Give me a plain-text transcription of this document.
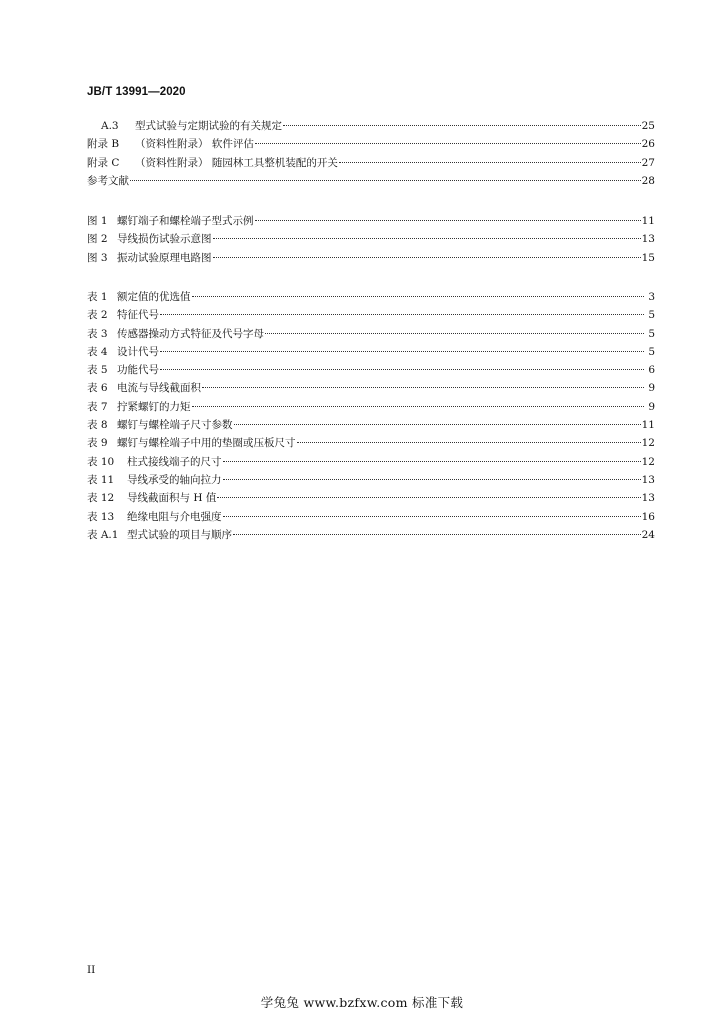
JB/T 13991—2020
A.3	型式试验与定期试验的有关规定	25
附录 B	（资料性附录） 软件评估	26
附录 C	（资料性附录） 随园林工具整机装配的开关	27
参考文献	28
图 1 螺钉端子和螺栓端子型式示例	11
图 2 导线损伤试验示意图	13
图 3 振动试验原理电路图	15
表 1 额定值的优选值	3
表 2 特征代号	5
表 3 传感器操动方式特征及代号字母	5
表 4 设计代号	5
表 5 功能代号	6
表 6 电流与导线截面积	9
表 7 拧紧螺钉的力矩	9
表 8 螺钉与螺栓端子尺寸参数	11
表 9 螺钉与螺栓端子中用的垫圈或压板尺寸	12
表 10	柱式接线端子的尺寸	12
表 11	导线承受的轴向拉力	13
表 12	导线截面积与 H 值	13
表 13	绝缘电阻与介电强度	16
表 A.1 型式试验的项目与顺序	24
II
学兔兔 www.bzfxw.com 标准下载
